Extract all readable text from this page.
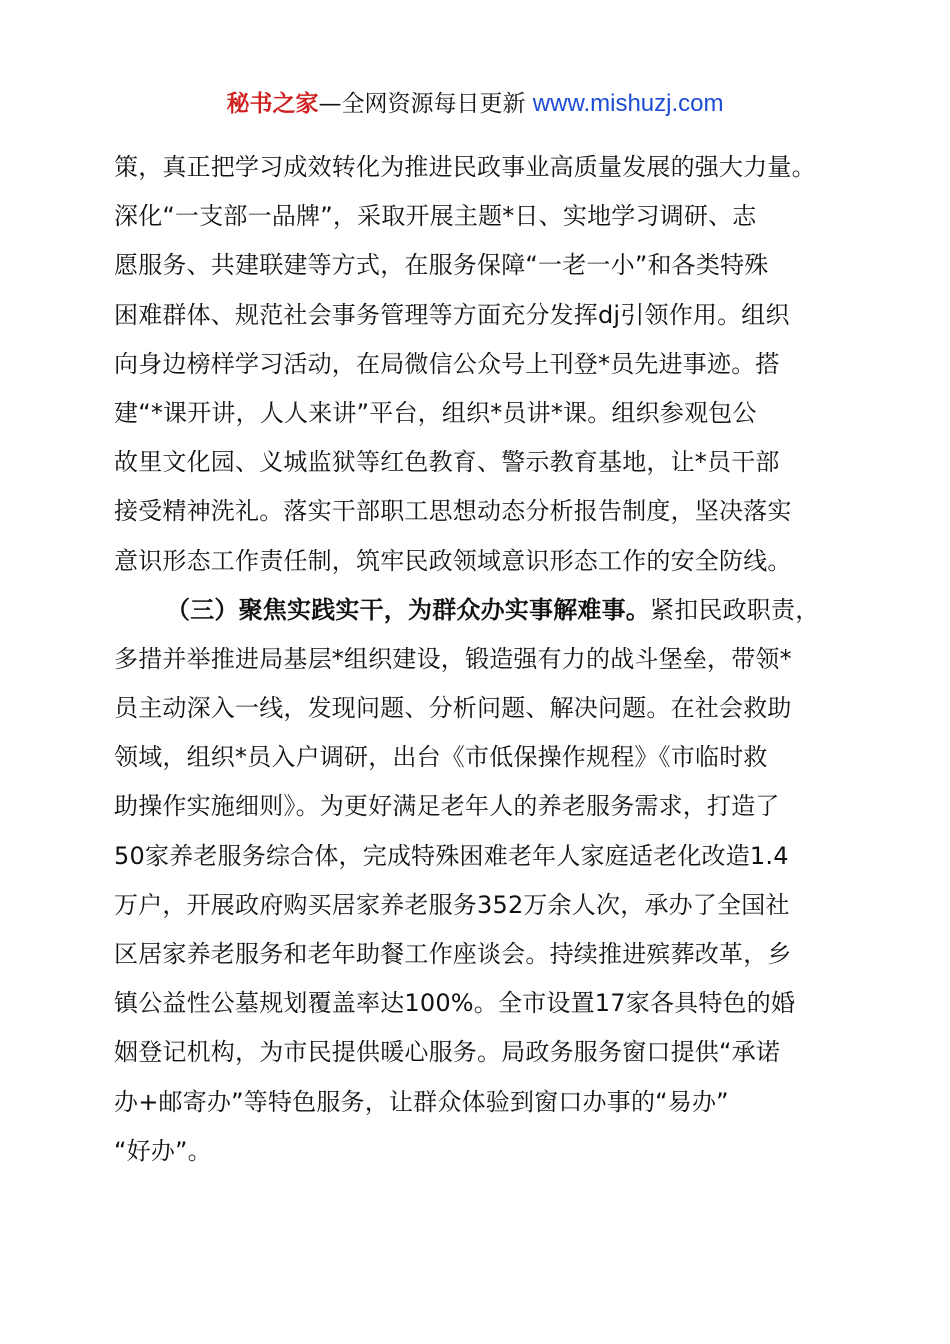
秘书之家—全网资源每日更新 www.mishuzj.com
策，真正把学习成效转化为推进民政事业高质量发展的强大力量。
深化“一支部一品牌”，采取开展主题*日、实地学习调研、志
愿服务、共建联建等方式，在服务保障“一老一小”和各类特殊
困难群体、规范社会事务管理等方面充分发挥dj引领作用。组织
向身边榜样学习活动，在局微信公众号上刊登*员先进事迹。搭
建“*课开讲，人人来讲”平台，组织*员讲*课。组织参观包公
故里文化园、义城监狱等红色教育、警示教育基地，让*员干部
接受精神洗礼。落实干部职工思想动态分析报告制度，坚决落实
意识形态工作责任制，筑牢民政领域意识形态工作的安全防线。
（三）聚焦实践实干，为群众办实事解难事。紧扣民政职责，
多措并举推进局基层*组织建设，锻造强有力的战斗堡垒，带领*
员主动深入一线，发现问题、分析问题、解决问题。在社会救助
领域，组织*员入户调研，出台《市低保操作规程》《市临时救
助操作实施细则》。为更好满足老年人的养老服务需求，打造了
50家养老服务综合体，完成特殊困难老年人家庭适老化改造1.4
万户，开展政府购买居家养老服务352万余人次，承办了全国社
区居家养老服务和老年助餐工作座谈会。持续推进殡葬改革，乡
镇公益性公墓规划覆盖率达100%。全市设置17家各具特色的婚
姻登记机构，为市民提供暖心服务。局政务服务窗口提供“承诺
办+邮寄办”等特色服务，让群众体验到窗口办事的“易办”
“好办”。
